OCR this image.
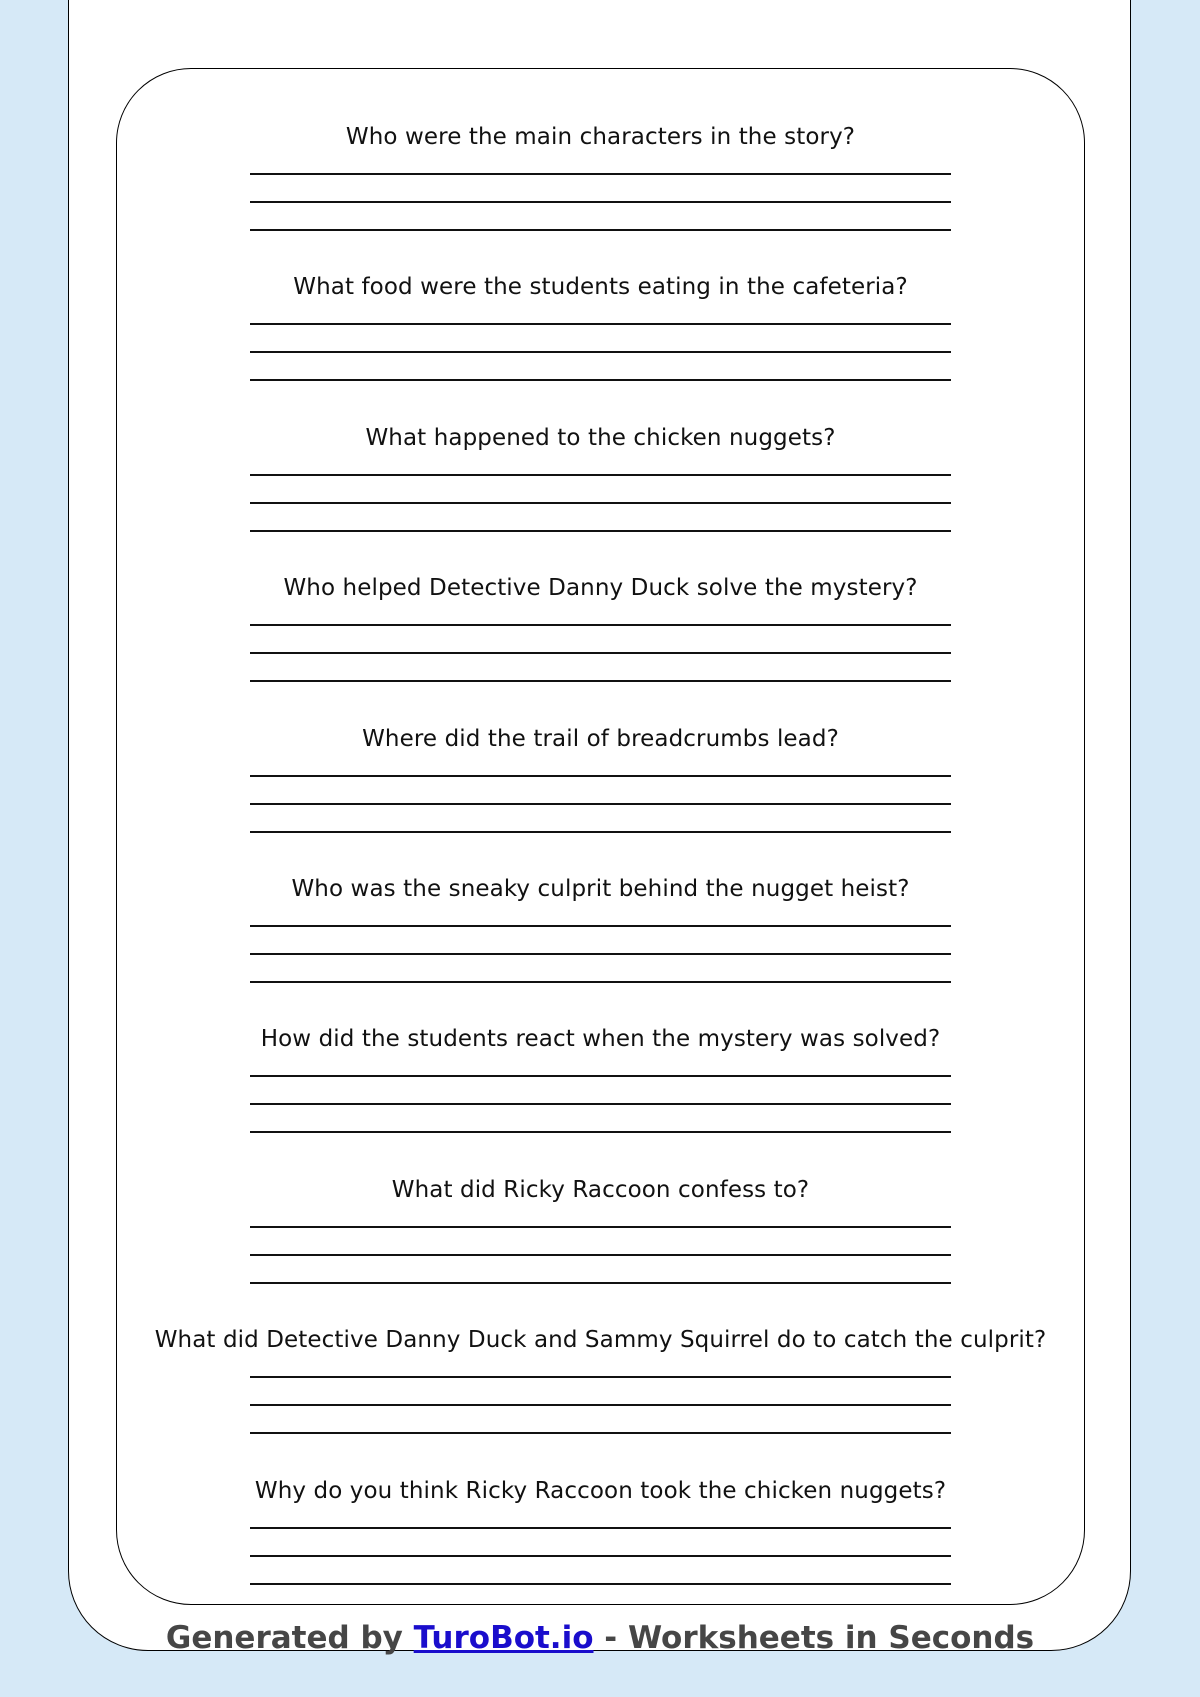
Who were the main characters in the story?
What food were the students eating in the cafeteria?
What happened to the chicken nuggets?
Who helped Detective Danny Duck solve the mystery?
Where did the trail of breadcrumbs lead?
Who was the sneaky culprit behind the nugget heist?
How did the students react when the mystery was solved?
What did Ricky Raccoon confess to?
What did Detective Danny Duck and Sammy Squirrel do to catch the culprit?
Why do you think Ricky Raccoon took the chicken nuggets?
Generated by TuroBot.io - Worksheets in Seconds
